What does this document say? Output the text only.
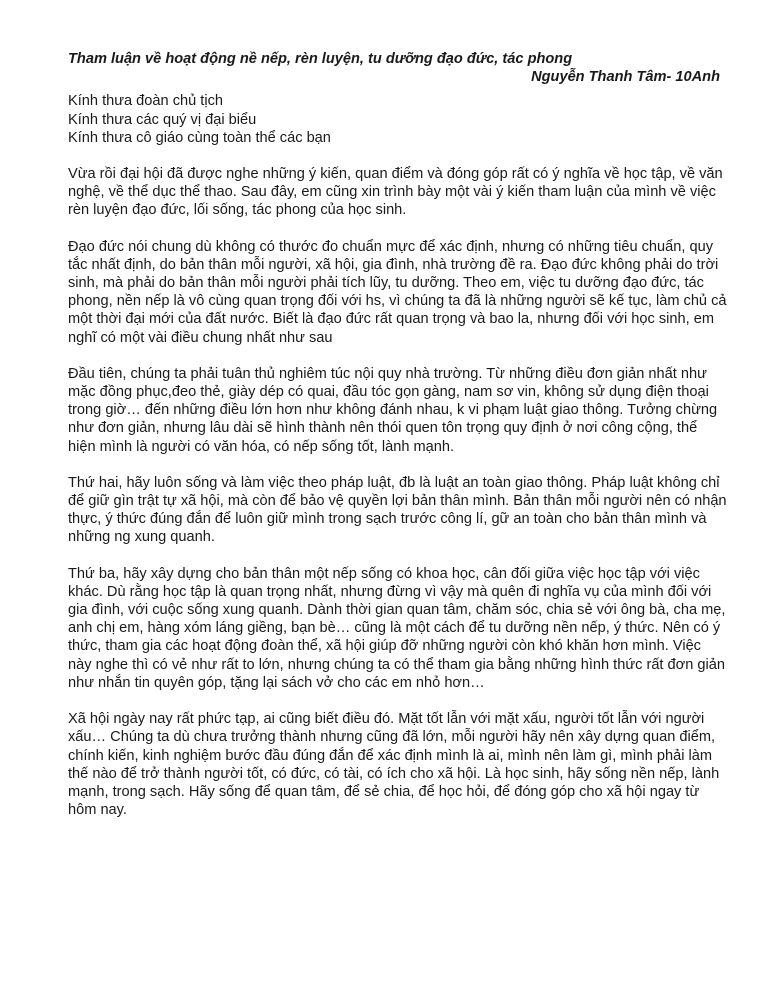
Tham luận về hoạt động nề nếp, rèn luyện, tu dưỡng đạo đức, tác phong

Nguyễn Thanh Tâm- 10Anh

Kính thưa đoàn chủ tịch
Kính thưa các quý vị đại biểu
Kính thưa cô giáo cùng toàn thể các bạn

Vừa rồi đại hội đã được nghe những ý kiến, quan điểm và đóng góp rất có ý nghĩa về học tập, về văn nghệ, về thể dục thể thao. Sau đây, em cũng xin trình bày một vài ý kiến tham luận của mình về việc rèn luyện đạo đức, lối sống, tác phong của học sinh.

Đạo đức nói chung dù không có thước đo chuẩn mực để xác định, nhưng có những tiêu chuẩn, quy tắc nhất định, do bản thân mỗi người, xã hội, gia đình, nhà trường đề ra. Đạo đức không phải do trời sinh, mà phải do bản thân mỗi người phải tích lũy, tu dưỡng. Theo em, việc tu dưỡng đạo đức, tác phong, nền nếp là vô cùng quan trọng đối với hs, vì chúng ta đã là những người sẽ kế tục, làm chủ cả một thời đại mới của đất nước. Biết là đạo đức rất quan trọng và bao la, nhưng đối với học sinh, em nghĩ có một vài điều chung nhất như sau

Đầu tiên, chúng ta phải tuân thủ nghiêm túc nội quy nhà trường. Từ những điều đơn giản nhất như mặc đồng phục,đeo thẻ, giày dép có quai, đầu tóc gọn gàng, nam sơ vin, không sử dụng điện thoại trong giờ… đến những điều lớn hơn như không đánh nhau, k vi phạm luật giao thông. Tưởng chừng như đơn giản, nhưng lâu dài sẽ hình thành nên thói quen tôn trọng quy định ở nơi công cộng, thể hiện mình là người có văn hóa, có nếp sống tốt, lành mạnh.

Thứ hai, hãy luôn sống và làm việc theo pháp luật, đb là luật an toàn giao thông. Pháp luật không chỉ để giữ gìn trật tự xã hội, mà còn để bảo vệ quyền lợi bản thân mình. Bản thân mỗi người nên có nhận thực, ý thức đúng đắn để luôn giữ mình trong sạch trước công lí, gữ an toàn cho bản thân mình và những ng xung quanh.

Thứ ba, hãy xây dựng cho bản thân một nếp sống có khoa học, cân đối giữa việc học tập với việc khác. Dù rằng học tập là quan trọng nhất, nhưng đừng vì vậy mà quên đi nghĩa vụ của mình đối với gia đình, với cuộc sống xung quanh. Dành thời gian quan tâm, chăm sóc, chia sẻ với ông bà, cha mẹ, anh chị em, hàng xóm láng giềng, bạn bè… cũng là một cách để tu dưỡng nền nếp, ý thức. Nên có ý thức, tham gia các hoạt động đoàn thể, xã hội giúp đỡ những người còn khó khăn hơn mình. Việc này nghe thì có vẻ như rất to lớn, nhưng chúng ta có thể tham gia bằng những hình thức rất đơn giản như nhắn tin quyên góp, tặng lại sách vở cho các em nhỏ hơn…

Xã hội ngày nay rất phức tạp, ai cũng biết điều đó. Mặt tốt lẫn với mặt xấu, người tốt lẫn với người xấu… Chúng ta dù chưa trưởng thành nhưng cũng đã lớn, mỗi người hãy nên xây dựng quan điểm, chính kiến, kinh nghiệm bước đầu đúng đắn để xác định mình là ai, mình nên làm gì, mình phải làm thế nào để trở thành người tốt, có đức, có tài, có ích cho xã hội. Là học sinh, hãy sống nền nếp, lành mạnh, trong sạch. Hãy sống để quan tâm, để sẻ chia, để học hỏi, để đóng góp cho xã hội ngay từ hôm nay.
